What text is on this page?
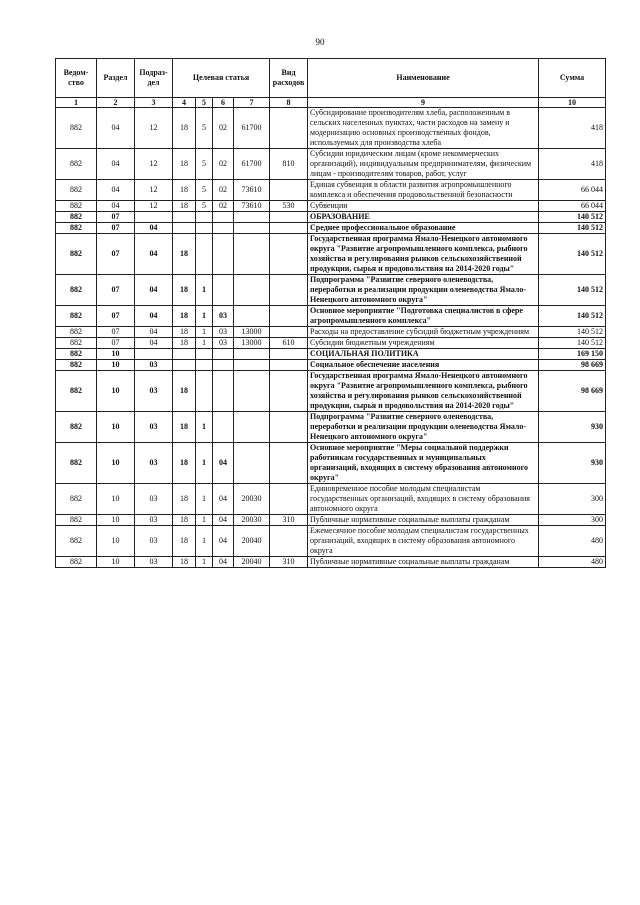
90
Ведом-ство	Раздел	Подраз-дел	Целевая статья				Вид расходов	Наименование	Сумма
1	2	3	4	5	6	7	8	9	10
882	04	12	18	5	02	61700		Субсидирование производителям хлеба, расположенным в сельских населенных пунктах, части расходов на замену и модернизацию основных производственных фондов, используемых для производства хлеба	418
882	04	12	18	5	02	61700	810	Субсидии юридическим лицам (кроме некоммерческих организаций), индивидуальным предпринимателям, физическим лицам - производителям товаров, работ, услуг	418
882	04	12	18	5	02	73610		Единая субвенция в области развития агропромышленного комплекса и обеспечения продовольственной безопасности	66 044
882	04	12	18	5	02	73610	530	Субвенции	66 044
882	07							ОБРАЗОВАНИЕ	140 512
882	07	04						Среднее профессиональное образование	140 512
882	07	04	18					Государственная программа Ямало-Ненецкого автономного округа "Развитие агропромышленного комплекса, рыбного хозяйства и регулирования рынков сельскохозяйственной продукции, сырья и продовольствия на 2014-2020 годы"	140 512
882	07	04	18	1				Подпрограмма "Развитие северного оленеводства, переработки и реализации продукции оленеводства Ямало-Ненецкого автономного округа"	140 512
882	07	04	18	1	03			Основное мероприятие "Подготовка специалистов в сфере агропромышленного комплекса"	140 512
882	07	04	18	1	03	13000		Расходы на предоставление субсидий бюджетным учреждениям	140 512
882	07	04	18	1	03	13000	610	Субсидии бюджетным учреждениям	140 512
882	10							СОЦИАЛЬНАЯ ПОЛИТИКА	169 150
882	10	03						Социальное обеспечение населения	98 669
882	10	03	18					Государственная программа Ямало-Ненецкого автономного округа "Развитие агропромышленного комплекса, рыбного хозяйства и регулирования рынков сельскохозяйственной продукции, сырья и продовольствия на 2014-2020 годы"	98 669
882	10	03	18	1				Подпрограмма "Развитие северного оленеводства, переработки и реализации продукции оленеводства Ямало-Ненецкого автономного округа"	930
882	10	03	18	1	04			Основное мероприятие "Меры социальной поддержки работникам государственных и муниципальных организаций, входящих в систему образования автономного округа"	930
882	10	03	18	1	04	20030		Единовременное пособие молодым специалистам государственных организаций, входящих в систему образования автономного округа	300
882	10	03	18	1	04	20030	310	Публичные нормативные социальные выплаты гражданам	300
882	10	03	18	1	04	20040		Ежемесячное пособие молодым специалистам государственных организаций, входящих в систему образования автономного округа	480
882	10	03	18	1	04	20040	310	Публичные нормативные социальные выплаты гражданам	480
